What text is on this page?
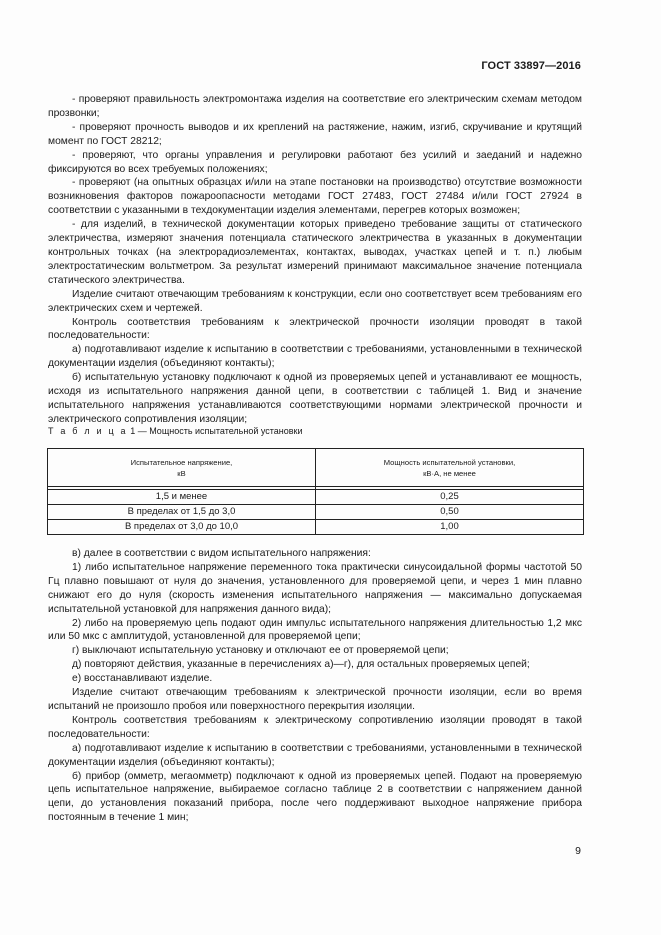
ГОСТ 33897—2016

- проверяют правильность электромонтажа изделия на соответствие его электрическим схемам методом прозвонки;

- проверяют прочность выводов и их креплений на растяжение, нажим, изгиб, скручивание и крутящий момент по ГОСТ 28212;

- проверяют, что органы управления и регулировки работают без усилий и заеданий и надежно фиксируются во всех требуемых положениях;

- проверяют (на опытных образцах и/или на этапе постановки на производство) отсутствие возможности возникновения факторов пожароопасности методами ГОСТ 27483, ГОСТ 27484 и/или ГОСТ 27924 в соответствии с указанными в техдокументации изделия элементами, перегрев которых возможен;

- для изделий, в технической документации которых приведено требование защиты от статического электричества, измеряют значения потенциала статического электричества в указанных в документации контрольных точках (на электрорадиоэлементах, контактах, выводах, участках цепей и т. п.) любым электростатическим вольтметром. За результат измерений принимают максимальное значение потенциала статического электричества.

Изделие считают отвечающим требованиям к конструкции, если оно соответствует всем требованиям его электрических схем и чертежей.

Контроль соответствия требованиям к электрической прочности изоляции проводят в такой последовательности:

а) подготавливают изделие к испытанию в соответствии с требованиями, установленными в технической документации изделия (объединяют контакты);

б) испытательную установку подключают к одной из проверяемых цепей и устанавливают ее мощность, исходя из испытательного напряжения данной цепи, в соответствии с таблицей 1. Вид и значение испытательного напряжения устанавливаются соответствующими нормами электрической прочности и электрического сопротивления изоляции;

Т а б л и ц а 1 — Мощность испытательной установки
Испытательное напряжение,
кВ	Мощность испытательной установки,
кВ·А, не менее

1,5 и менее	0,25
В пределах от 1,5 до 3,0	0,50
В пределах от 3,0 до 10,0	1,00

в) далее в соответствии с видом испытательного напряжения:

1) либо испытательное напряжение переменного тока практически синусоидальной формы частотой 50 Гц плавно повышают от нуля до значения, установленного для проверяемой цепи, и через 1 мин плавно снижают его до нуля (скорость изменения испытательного напряжения — максимально допускаемая испытательной установкой для напряжения данного вида);

2) либо на проверяемую цепь подают один импульс испытательного напряжения длительностью 1,2 мкс или 50 мкс с амплитудой, установленной для проверяемой цепи;

г) выключают испытательную установку и отключают ее от проверяемой цепи;

д) повторяют действия, указанные в перечислениях а)—г), для остальных проверяемых цепей;

е) восстанавливают изделие.

Изделие считают отвечающим требованиям к электрической прочности изоляции, если во время испытаний не произошло пробоя или поверхностного перекрытия изоляции.

Контроль соответствия требованиям к электрическому сопротивлению изоляции проводят в такой последовательности:

а) подготавливают изделие к испытанию в соответствии с требованиями, установленными в технической документации изделия (объединяют контакты);

б) прибор (омметр, мегаомметр) подключают к одной из проверяемых цепей. Подают на проверяемую цепь испытательное напряжение, выбираемое согласно таблице 2 в соответствии с напряжением данной цепи, до установления показаний прибора, после чего поддерживают выходное напряжение прибора постоянным в течение 1 мин;

9
